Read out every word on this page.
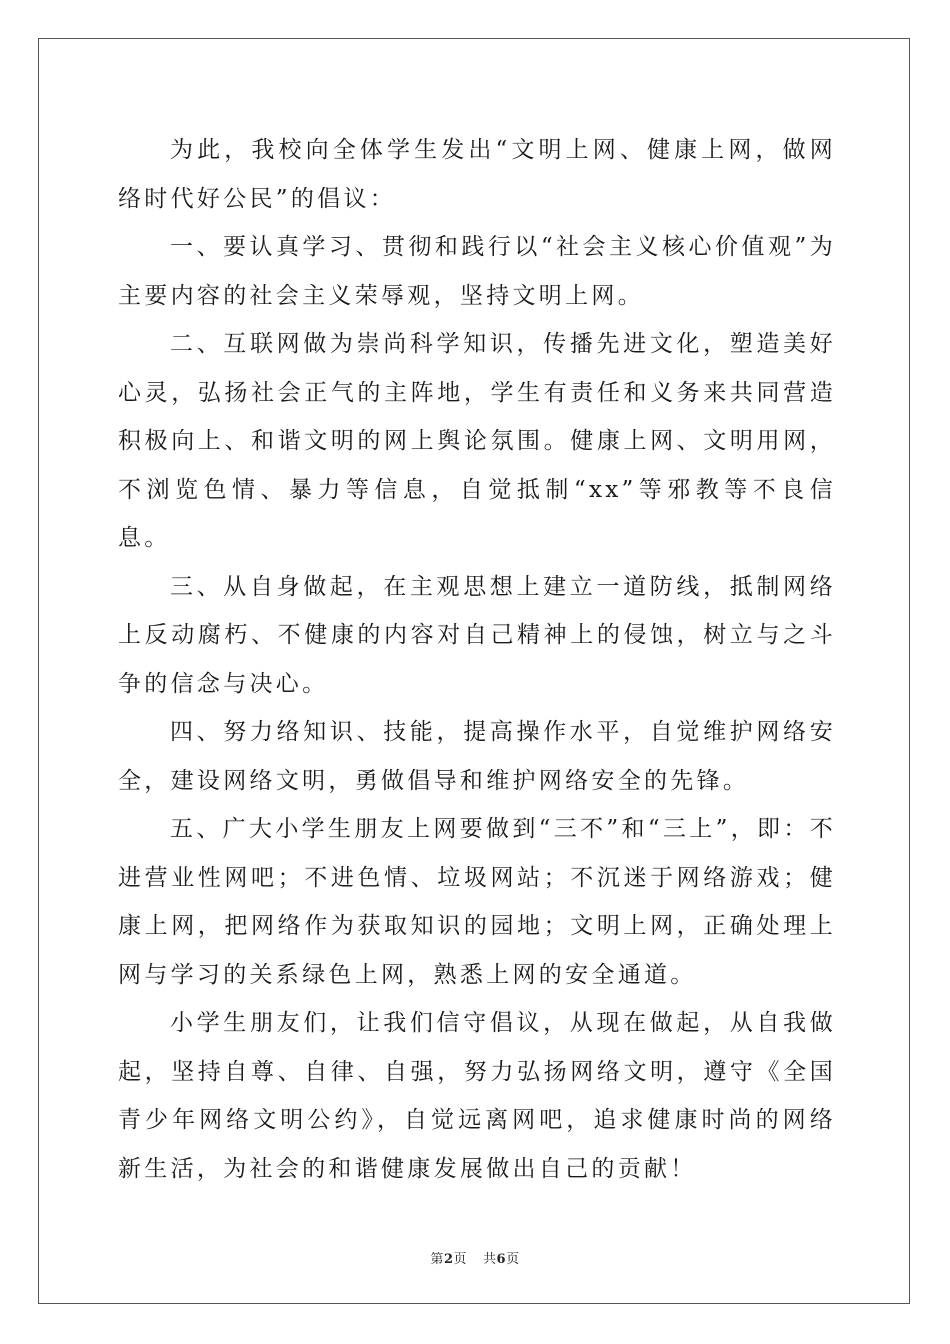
为此，我校向全体学生发出“文明上网、健康上网，做网络时代好公民”的倡议：

一、要认真学习、贯彻和践行以“社会主义核心价值观”为主要内容的社会主义荣辱观，坚持文明上网。

二、互联网做为崇尚科学知识，传播先进文化，塑造美好心灵，弘扬社会正气的主阵地，学生有责任和义务来共同营造积极向上、和谐文明的网上舆论氛围。健康上网、文明用网，不浏览色情、暴力等信息，自觉抵制“xx”等邪教等不良信息。

三、从自身做起，在主观思想上建立一道防线，抵制网络上反动腐朽、不健康的内容对自己精神上的侵蚀，树立与之斗争的信念与决心。

四、努力络知识、技能，提高操作水平，自觉维护网络安全，建设网络文明，勇做倡导和维护网络安全的先锋。

五、广大小学生朋友上网要做到“三不”和“三上”，即：不进营业性网吧；不进色情、垃圾网站；不沉迷于网络游戏；健康上网，把网络作为获取知识的园地；文明上网，正确处理上网与学习的关系绿色上网，熟悉上网的安全通道。

小学生朋友们，让我们信守倡议，从现在做起，从自我做起，坚持自尊、自律、自强，努力弘扬网络文明，遵守《全国青少年网络文明公约》，自觉远离网吧，追求健康时尚的网络新生活，为社会的和谐健康发展做出自己的贡献！

第2页 共6页
